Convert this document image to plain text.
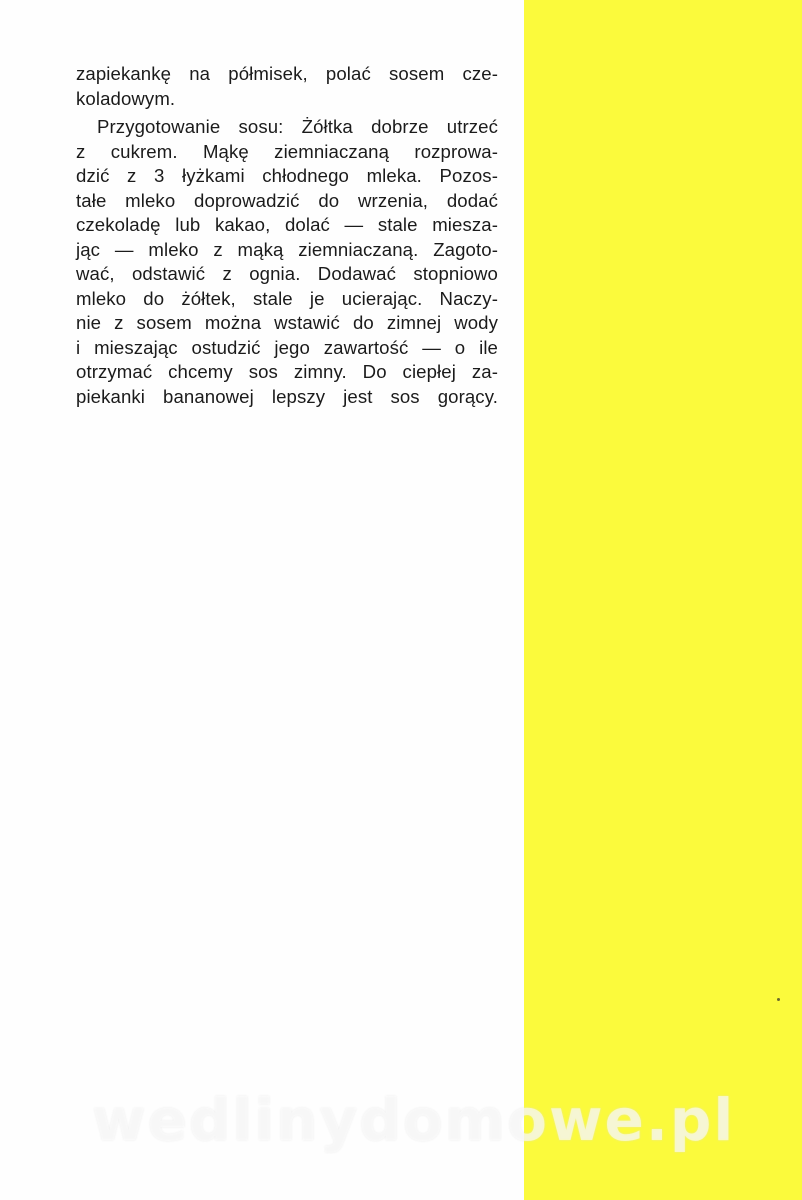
zapiekankę na półmisek, polać sosem cze-
koladowym.
Przygotowanie sosu: Żółtka dobrze utrzeć
z cukrem. Mąkę ziemniaczaną rozprowa-
dzić z 3 łyżkami chłodnego mleka. Pozos-
tałe mleko doprowadzić do wrzenia, dodać
czekoladę lub kakao, dolać — stale miesza-
jąc — mleko z mąką ziemniaczaną. Zagoto-
wać, odstawić z ognia. Dodawać stopniowo
mleko do żółtek, stale je ucierając. Naczy-
nie z sosem można wstawić do zimnej wody
i mieszając ostudzić jego zawartość — o ile
otrzymać chcemy sos zimny. Do ciepłej za-
piekanki bananowej lepszy jest sos gorący.
wedlinydomowe.pl
